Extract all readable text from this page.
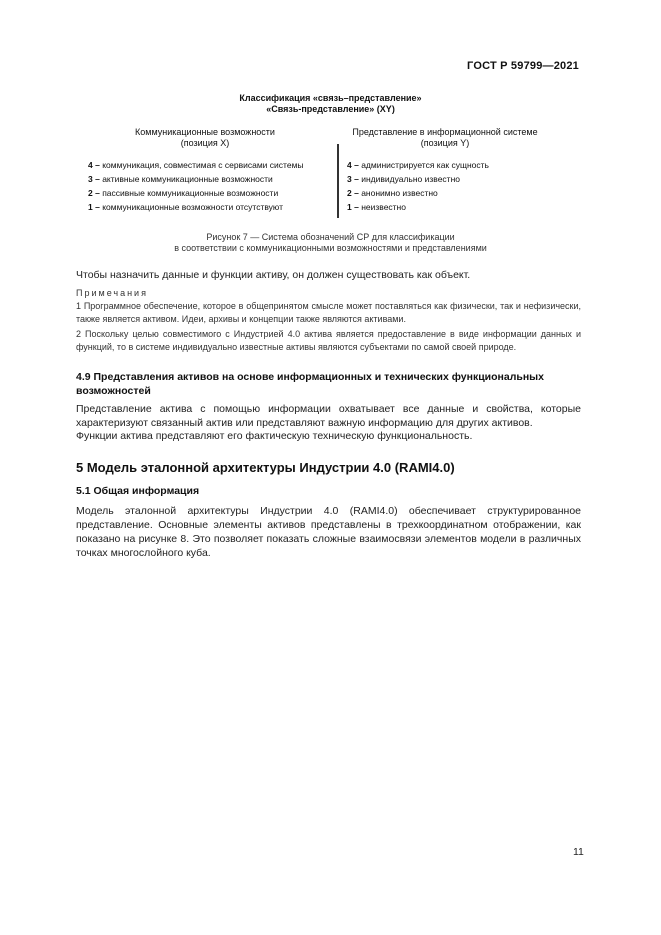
ГОСТ Р 59799—2021
Классификация «связь–представление»
«Связь-представление» (XY)
Коммуникационные возможности
(позиция X)
Представление в информационной системе
(позиция Y)
4 – коммуникация, совместимая с сервисами системы
3 – активные коммуникационные возможности
2 – пассивные коммуникационные возможности
1 – коммуникационные возможности отсутствуют
4 – администрируется как сущность
3 – индивидуально известно
2 – анонимно известно
1 – неизвестно
Рисунок 7 — Система обозначений СР для классификации
в соответствии с коммуникационными возможностями и представлениями
Чтобы назначить данные и функции активу, он должен существовать как объект.
Примечания
1 Программное обеспечение, которое в общепринятом смысле может поставляться как физически, так и нефизически, также является активом. Идеи, архивы и концепции также являются активами.
2 Поскольку целью совместимого с Индустрией 4.0 актива является предоставление в виде информации данных и функций, то в системе индивидуально известные активы являются субъектами по самой своей природе.
4.9 Представления активов на основе информационных и технических функциональных возможностей
Представление актива с помощью информации охватывает все данные и свойства, которые характеризуют связанный актив или представляют важную информацию для других активов.
Функции актива представляют его фактическую техническую функциональность.
5 Модель эталонной архитектуры Индустрии 4.0 (RAMI4.0)
5.1 Общая информация
Модель эталонной архитектуры Индустрии 4.0 (RAMI4.0) обеспечивает структурированное представление. Основные элементы активов представлены в трехкоординатном отображении, как показано на рисунке 8. Это позволяет показать сложные взаимосвязи элементов модели в различных точках многослойного куба.
11
